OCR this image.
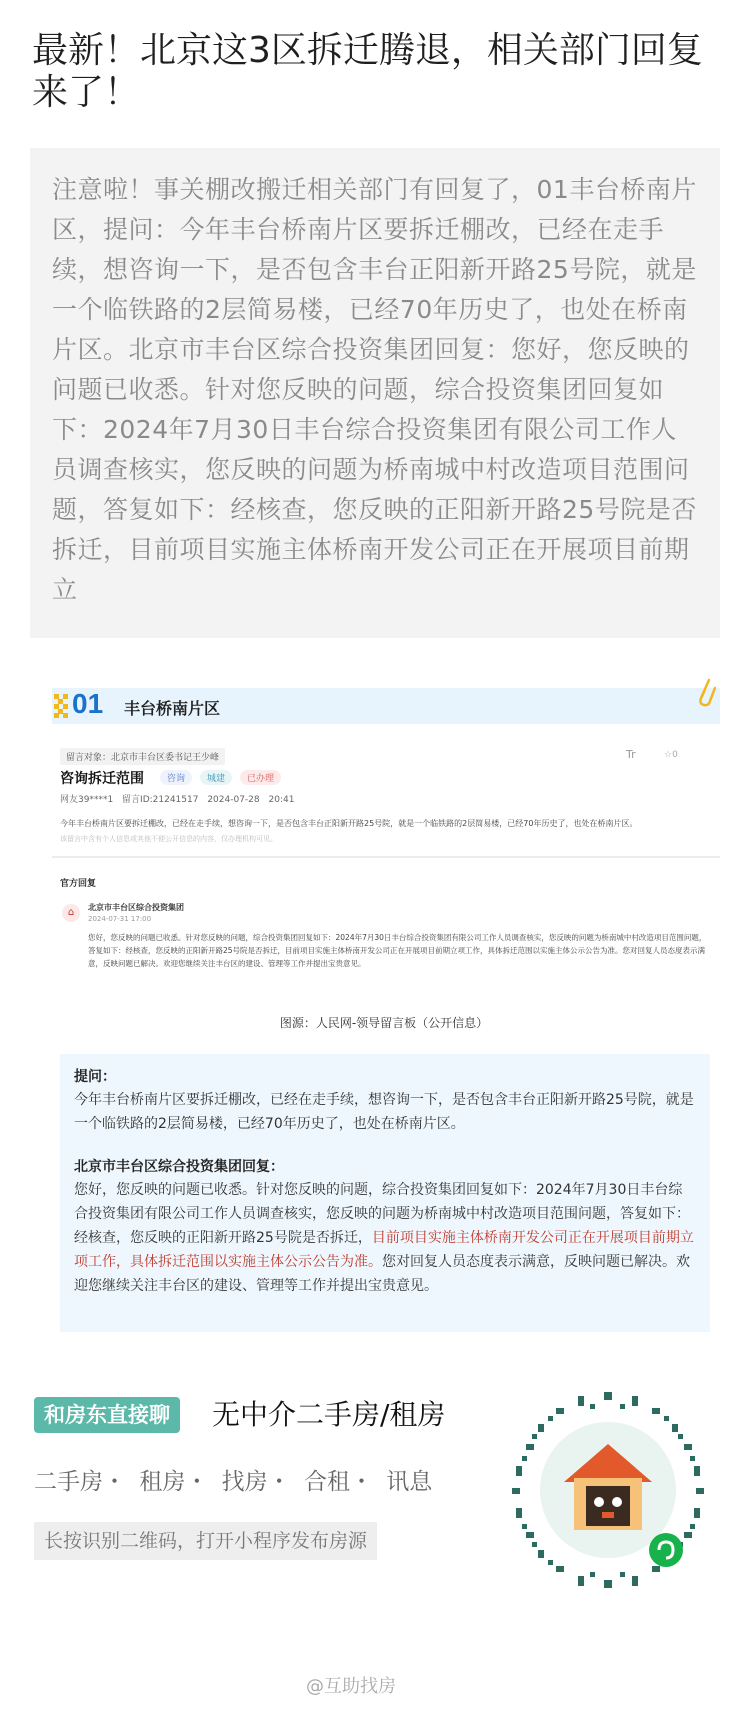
最新！北京这3区拆迁腾退，相关部门回复来了！
注意啦！事关棚改搬迁相关部门有回复了，01丰台桥南片区，提问：今年丰台桥南片区要拆迁棚改，已经在走手续，想咨询一下，是否包含丰台正阳新开路25号院，就是一个临铁路的2层简易楼，已经70年历史了，也处在桥南片区。北京市丰台区综合投资集团回复：您好，您反映的问题已收悉。针对您反映的问题，综合投资集团回复如下：2024年7月30日丰台综合投资集团有限公司工作人员调查核实，您反映的问题为桥南城中村改造项目范围问题，答复如下：经核查，您反映的正阳新开路25号院是否拆迁，目前项目实施主体桥南开发公司正在开展项目前期立
01 丰台桥南片区
留言对象：北京市丰台区委书记王少峰
咨询拆迁范围	咨询	城建	已办理
网友39****1 留言ID:21241517 2024-07-28 20:41
Tr	☆0
今年丰台桥南片区要拆迁棚改，已经在走手续，想咨询一下，是否包含丰台正阳新开路25号院，就是一个临铁路的2层简易楼，已经70年历史了，也处在桥南片区。
该留言中含有个人信息或其他不便公开信息的内容，仅办理机构可见。
官方回复
⌂	北京市丰台区综合投资集团
2024-07-31 17:00
您好，您反映的问题已收悉。针对您反映的问题，综合投资集团回复如下：2024年7月30日丰台综合投资集团有限公司工作人员调查核实，您反映的问题为桥南城中村改造项目范围问题，答复如下：经核查，您反映的正阳新开路25号院是否拆迁，目前项目实施主体桥南开发公司正在开展项目前期立项工作，具体拆迁范围以实施主体公示公告为准。您对回复人员态度表示满意，反映问题已解决。欢迎您继续关注丰台区的建设、管理等工作并提出宝贵意见。
图源：人民网-领导留言板（公开信息）
提问：
今年丰台桥南片区要拆迁棚改，已经在走手续，想咨询一下，是否包含丰台正阳新开路25号院，就是一个临铁路的2层简易楼，已经70年历史了，也处在桥南片区。
北京市丰台区综合投资集团回复：
您好，您反映的问题已收悉。针对您反映的问题，综合投资集团回复如下：2024年7月30日丰台综合投资集团有限公司工作人员调查核实，您反映的问题为桥南城中村改造项目范围问题，答复如下：经核查，您反映的正阳新开路25号院是否拆迁，目前项目实施主体桥南开发公司正在开展项目前期立项工作，具体拆迁范围以实施主体公示公告为准。您对回复人员态度表示满意，反映问题已解决。欢迎您继续关注丰台区的建设、管理等工作并提出宝贵意见。
和房东直接聊	无中介二手房/租房
二手房・ 租房・ 找房・ 合租・ 讯息
长按识别二维码，打开小程序发布房源
@互助找房
